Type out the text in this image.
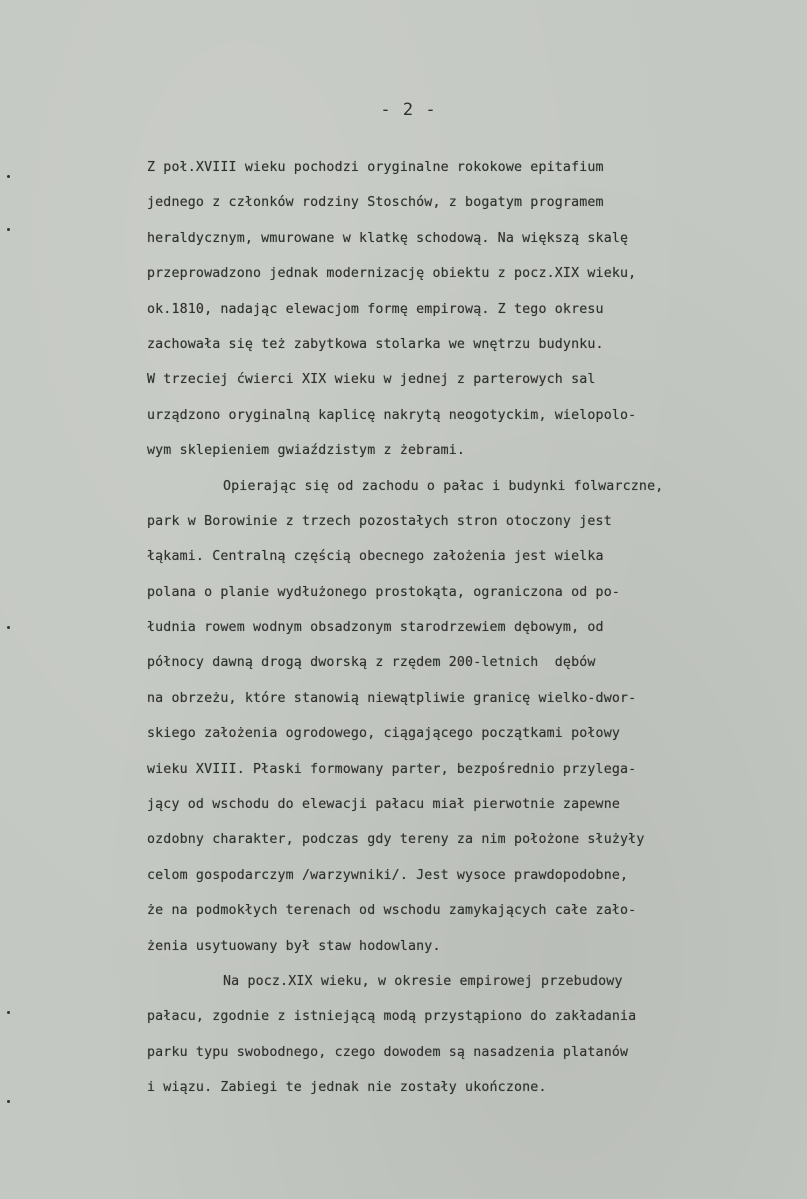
- 2 -
Z poł.XVIII wieku pochodzi oryginalne rokokowe epitafium
jednego z członków rodziny Stoschów, z bogatym programem
heraldycznym, wmurowane w klatkę schodową. Na większą skalę
przeprowadzono jednak modernizację obiektu z pocz.XIX wieku,
ok.1810, nadając elewacjom formę empirową. Z tego okresu
zachowała się też zabytkowa stolarka we wnętrzu budynku.
W trzeciej ćwierci XIX wieku w jednej z parterowych sal
urządzono oryginalną kaplicę nakrytą neogotyckim, wielopolo-
wym sklepieniem gwiaździstym z żebrami.
Opierając się od zachodu o pałac i budynki folwarczne,
park w Borowinie z trzech pozostałych stron otoczony jest
łąkami. Centralną częścią obecnego założenia jest wielka
polana o planie wydłużonego prostokąta, ograniczona od po-
łudnia rowem wodnym obsadzonym starodrzewiem dębowym, od
północy dawną drogą dworską z rzędem 200-letnich  dębów
na obrzeżu, które stanowią niewątpliwie granicę wielko-dwor-
skiego założenia ogrodowego, ciągającego początkami połowy
wieku XVIII. Płaski formowany parter, bezpośrednio przylega-
jący od wschodu do elewacji pałacu miał pierwotnie zapewne
ozdobny charakter, podczas gdy tereny za nim położone służyły
celom gospodarczym /warzywniki/. Jest wysoce prawdopodobne,
że na podmokłych terenach od wschodu zamykających całe zało-
żenia usytuowany był staw hodowlany.
Na pocz.XIX wieku, w okresie empirowej przebudowy
pałacu, zgodnie z istniejącą modą przystąpiono do zakładania
parku typu swobodnego, czego dowodem są nasadzenia platanów
i wiązu. Zabiegi te jednak nie zostały ukończone.
